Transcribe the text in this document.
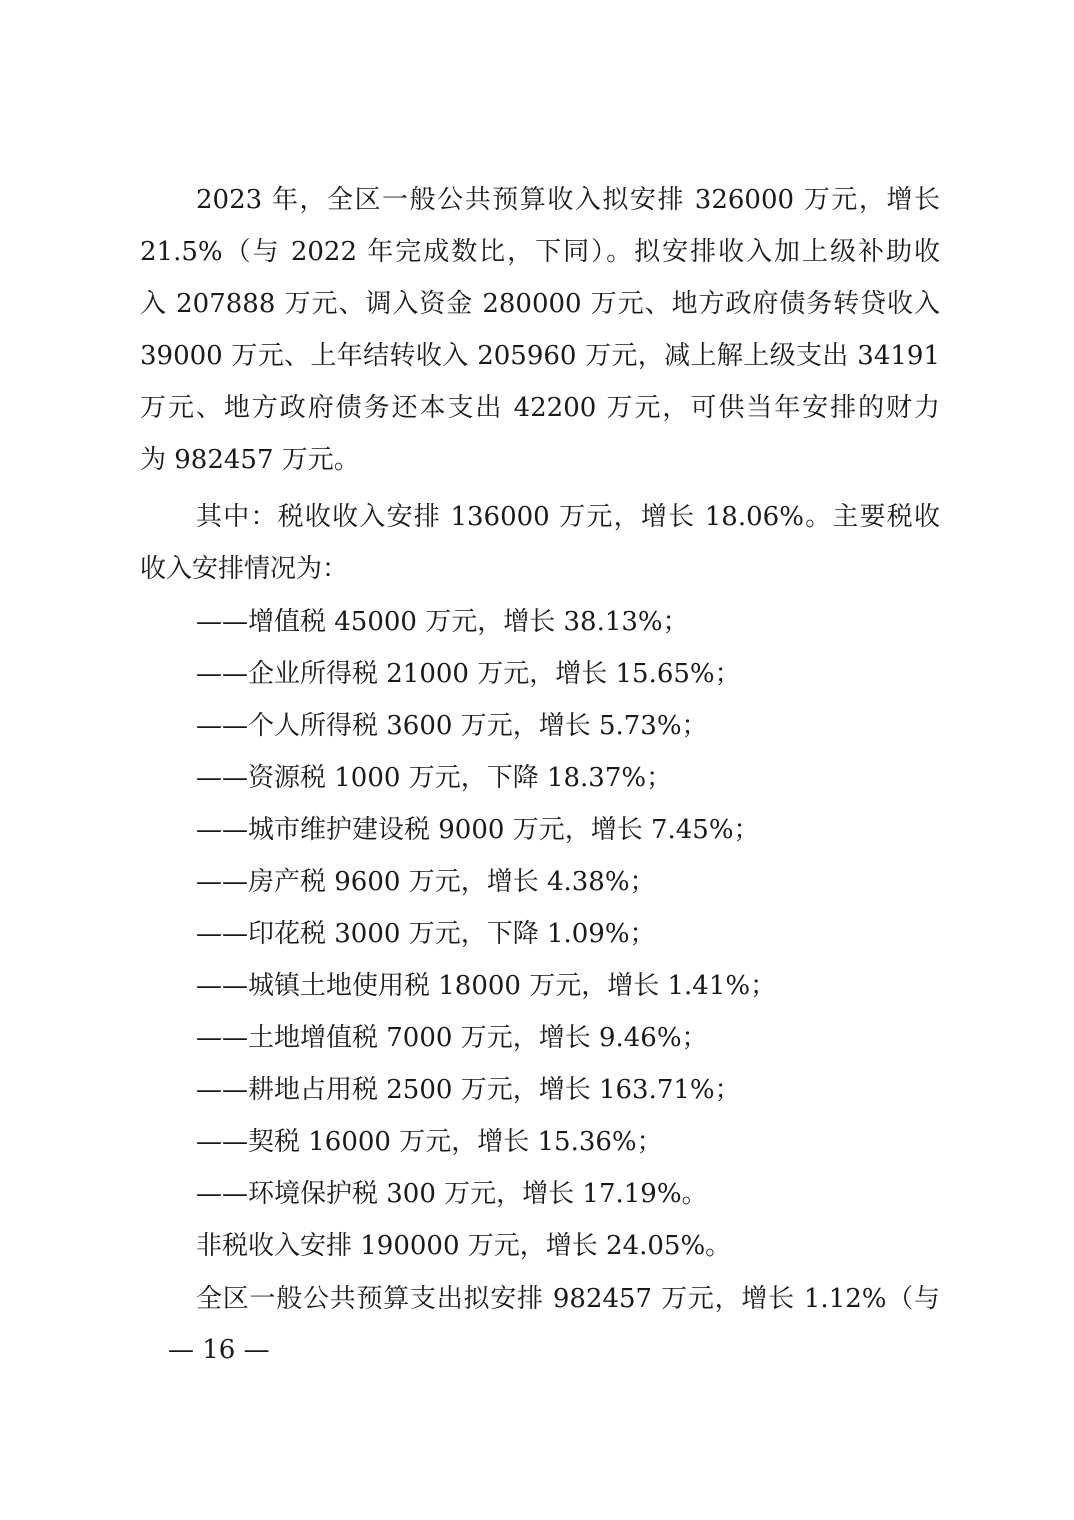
2023 年，全区一般公共预算收入拟安排 326000 万元，增长
21.5%（与 2022 年完成数比，下同）。拟安排收入加上级补助收
入 207888 万元、调入资金 280000 万元、地方政府债务转贷收入
39000 万元、上年结转收入 205960 万元，减上解上级支出 34191
万元、地方政府债务还本支出 42200 万元，可供当年安排的财力
为 982457 万元。
其中：税收收入安排 136000 万元，增长 18.06%。主要税收
收入安排情况为：
——增值税 45000 万元，增长 38.13%；
——企业所得税 21000 万元，增长 15.65%；
——个人所得税 3600 万元，增长 5.73%；
——资源税 1000 万元，下降 18.37%；
——城市维护建设税 9000 万元，增长 7.45%；
——房产税 9600 万元，增长 4.38%；
——印花税 3000 万元，下降 1.09%；
——城镇土地使用税 18000 万元，增长 1.41%；
——土地增值税 7000 万元，增长 9.46%；
——耕地占用税 2500 万元，增长 163.71%；
——契税 16000 万元，增长 15.36%；
——环境保护税 300 万元，增长 17.19%。
非税收入安排 190000 万元，增长 24.05%。
全区一般公共预算支出拟安排 982457 万元，增长 1.12%（与
— 16 —
